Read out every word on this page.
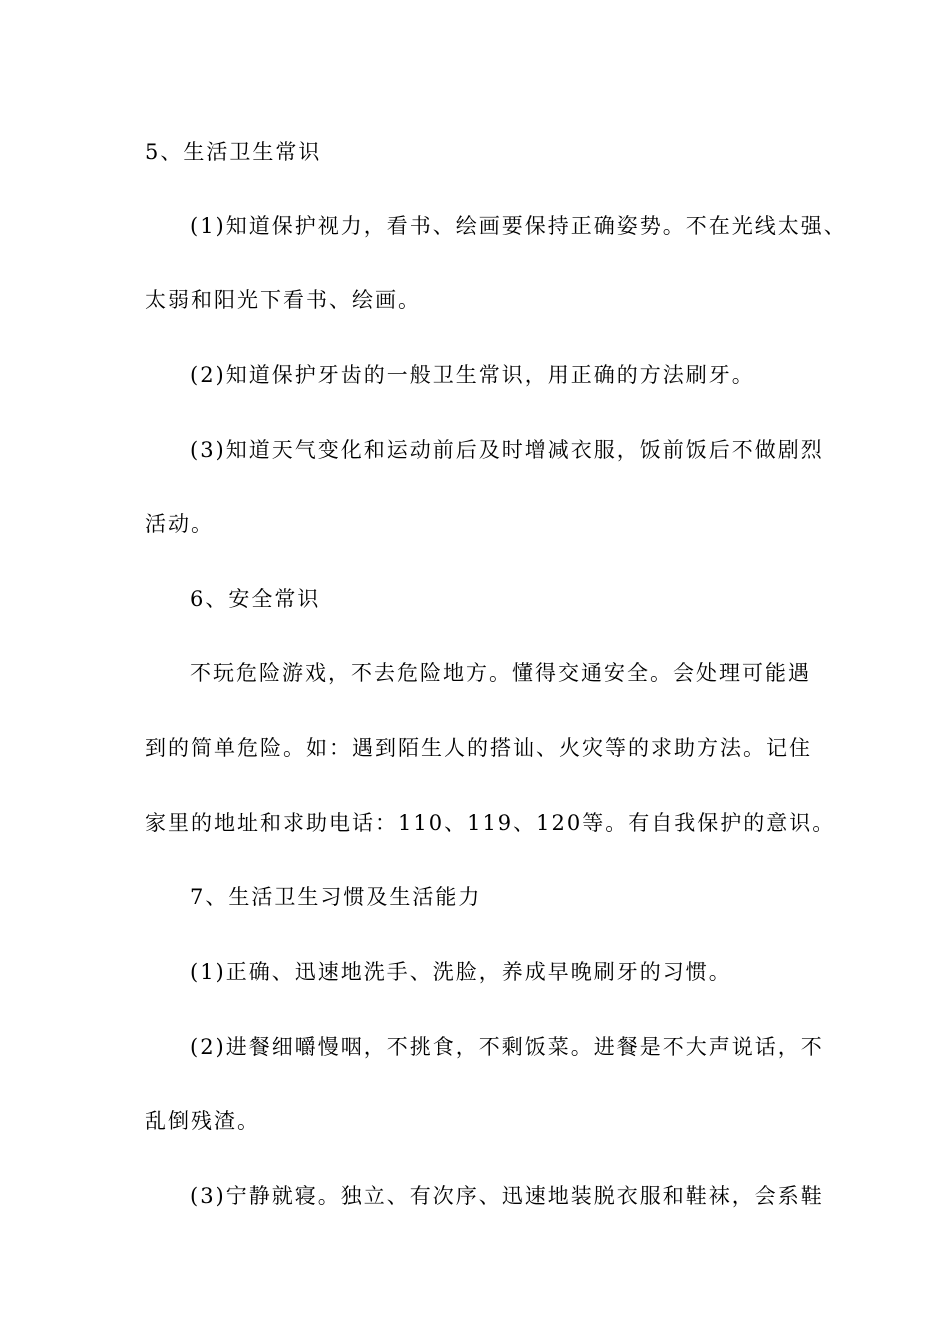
5、生活卫生常识
(1)知道保护视力，看书、绘画要保持正确姿势。不在光线太强、
太弱和阳光下看书、绘画。
(2)知道保护牙齿的一般卫生常识，用正确的方法刷牙。
(3)知道天气变化和运动前后及时增减衣服，饭前饭后不做剧烈
活动。
6、安全常识
不玩危险游戏，不去危险地方。懂得交通安全。会处理可能遇
到的简单危险。如：遇到陌生人的搭讪、火灾等的求助方法。记住
家里的地址和求助电话：110、119、120等。有自我保护的意识。
7、生活卫生习惯及生活能力
(1)正确、迅速地洗手、洗脸，养成早晚刷牙的习惯。
(2)进餐细嚼慢咽，不挑食，不剩饭菜。进餐是不大声说话，不
乱倒残渣。
(3)宁静就寝。独立、有次序、迅速地装脱衣服和鞋袜，会系鞋
